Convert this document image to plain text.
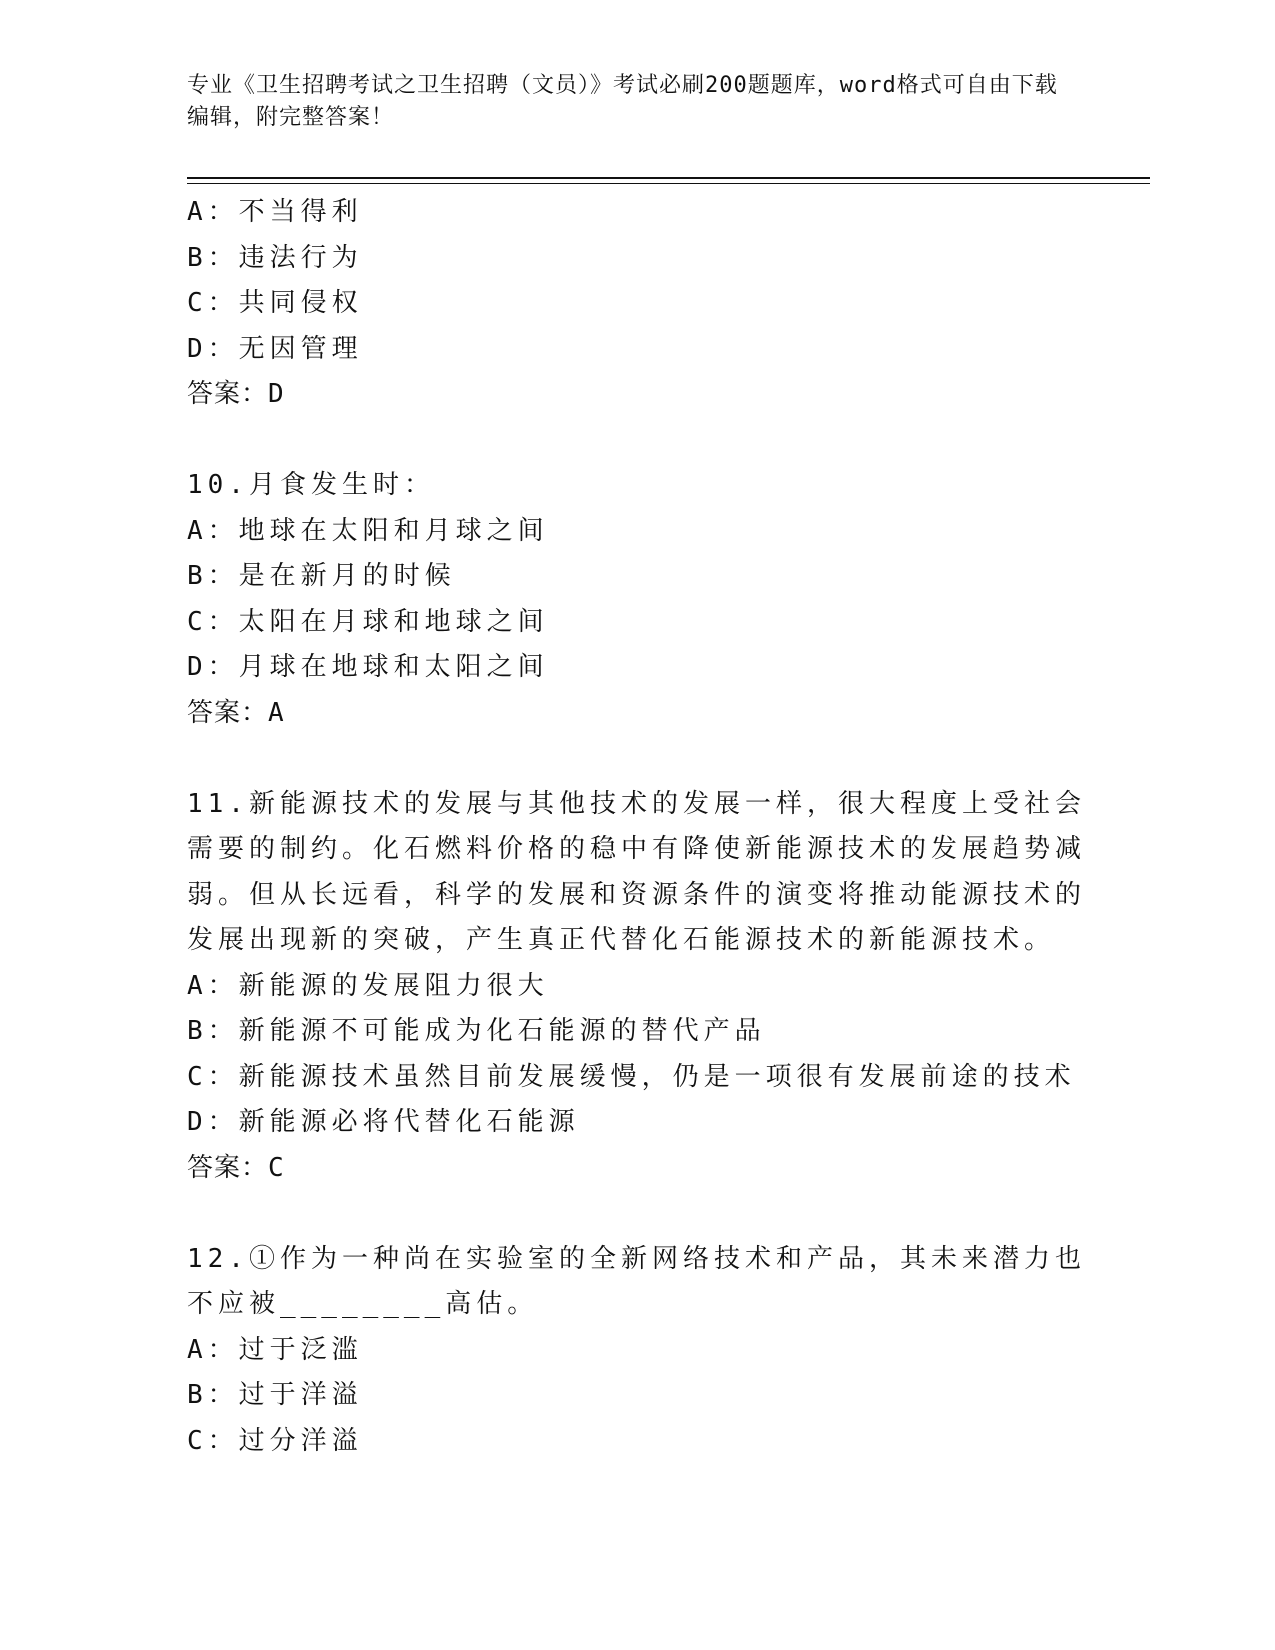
专业《卫生招聘考试之卫生招聘（文员）》考试必刷200题题库，word格式可自由下载编辑，附完整答案！
A：不当得利
B：违法行为
C：共同侵权
D：无因管理
答案：D
10.月食发生时：
A：地球在太阳和月球之间
B：是在新月的时候
C：太阳在月球和地球之间
D：月球在地球和太阳之间
答案：A
11.新能源技术的发展与其他技术的发展一样，很大程度上受社会需要的制约。化石燃料价格的稳中有降使新能源技术的发展趋势减弱。但从长远看，科学的发展和资源条件的演变将推动能源技术的发展出现新的突破，产生真正代替化石能源技术的新能源技术。
A：新能源的发展阻力很大
B：新能源不可能成为化石能源的替代产品
C：新能源技术虽然目前发展缓慢，仍是一项很有发展前途的技术
D：新能源必将代替化石能源
答案：C
12.①作为一种尚在实验室的全新网络技术和产品，其未来潜力也不应被________高估。
A：过于泛滥
B：过于洋溢
C：过分洋溢
